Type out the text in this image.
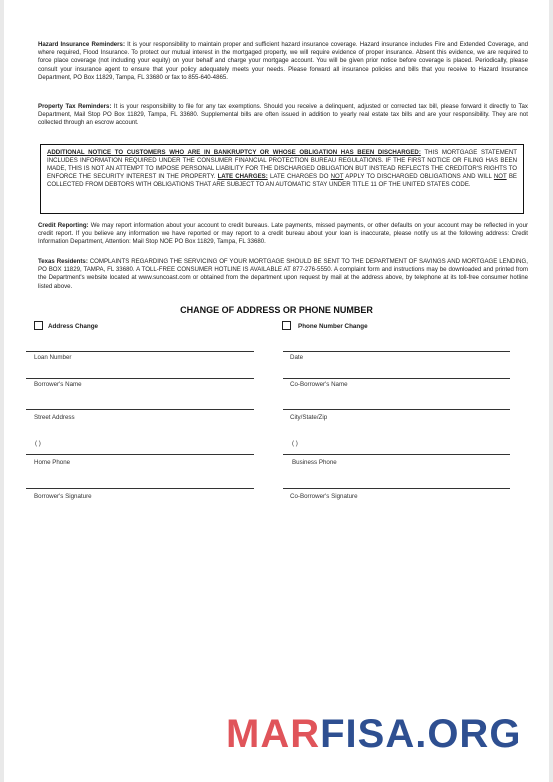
Hazard Insurance Reminders: It is your responsibility to maintain proper and sufficient hazard insurance coverage. Hazard insurance includes Fire and Extended Coverage, and where required, Flood Insurance. To protect our mutual interest in the mortgaged property, we will require evidence of proper insurance. Absent this evidence, we are required to force place coverage (not including your equity) on your behalf and charge your mortgage account. You will be given prior notice before coverage is placed. Periodically, please consult your insurance agent to ensure that your policy adequately meets your needs. Please forward all insurance policies and bills that you receive to Hazard Insurance Department, PO Box 11829, Tampa, FL 33680 or fax to 855-640-4865.
Property Tax Reminders: It is your responsibility to file for any tax exemptions. Should you receive a delinquent, adjusted or corrected tax bill, please forward it directly to Tax Department, Mail Stop PO Box 11829, Tampa, FL 33680. Supplemental bills are often issued in addition to yearly real estate tax bills and are your responsibility. They are not collected through an escrow account.
ADDITIONAL NOTICE TO CUSTOMERS WHO ARE IN BANKRUPTCY OR WHOSE OBLIGATION HAS BEEN DISCHARGED: THIS MORTGAGE STATEMENT INCLUDES INFORMATION REQUIRED UNDER THE CONSUMER FINANCIAL PROTECTION BUREAU REGULATIONS. IF THE FIRST NOTICE OR FILING HAS BEEN MADE, THIS IS NOT AN ATTEMPT TO IMPOSE PERSONAL LIABILITY FOR THE DISCHARGED OBLIGATION BUT INSTEAD REFLECTS THE CREDITOR'S RIGHTS TO ENFORCE THE SECURITY INTEREST IN THE PROPERTY. LATE CHARGES: LATE CHARGES DO NOT APPLY TO DISCHARGED OBLIGATIONS AND WILL NOT BE COLLECTED FROM DEBTORS WITH OBLIGATIONS THAT ARE SUBJECT TO AN AUTOMATIC STAY UNDER TITLE 11 OF THE UNITED STATES CODE.
Credit Reporting: We may report information about your account to credit bureaus. Late payments, missed payments, or other defaults on your account may be reflected in your credit report. If you believe any information we have reported or may report to a credit bureau about your loan is inaccurate, please notify us at the following address: Credit Information Department, Attention: Mail Stop NOE PO Box 11829, Tampa, FL 33680.
Texas Residents: COMPLAINTS REGARDING THE SERVICING OF YOUR MORTGAGE SHOULD BE SENT TO THE DEPARTMENT OF SAVINGS AND MORTGAGE LENDING, PO BOX 11829, TAMPA, FL 33680. A TOLL-FREE CONSUMER HOTLINE IS AVAILABLE AT 877-276-5550. A complaint form and instructions may be downloaded and printed from the Department's website located at www.suncoast.com or obtained from the department upon request by mail at the address above, by telephone at its toll-free consumer hotline listed above.
CHANGE OF ADDRESS OR PHONE NUMBER
Address Change	Phone Number Change
Loan Number	Date
Borrower's Name	Co-Borrower's Name
Street Address	City/State/Zip
( )	( )
Home Phone	Business Phone
Borrower's Signature	Co-Borrower's Signature
MARFISA.ORG
